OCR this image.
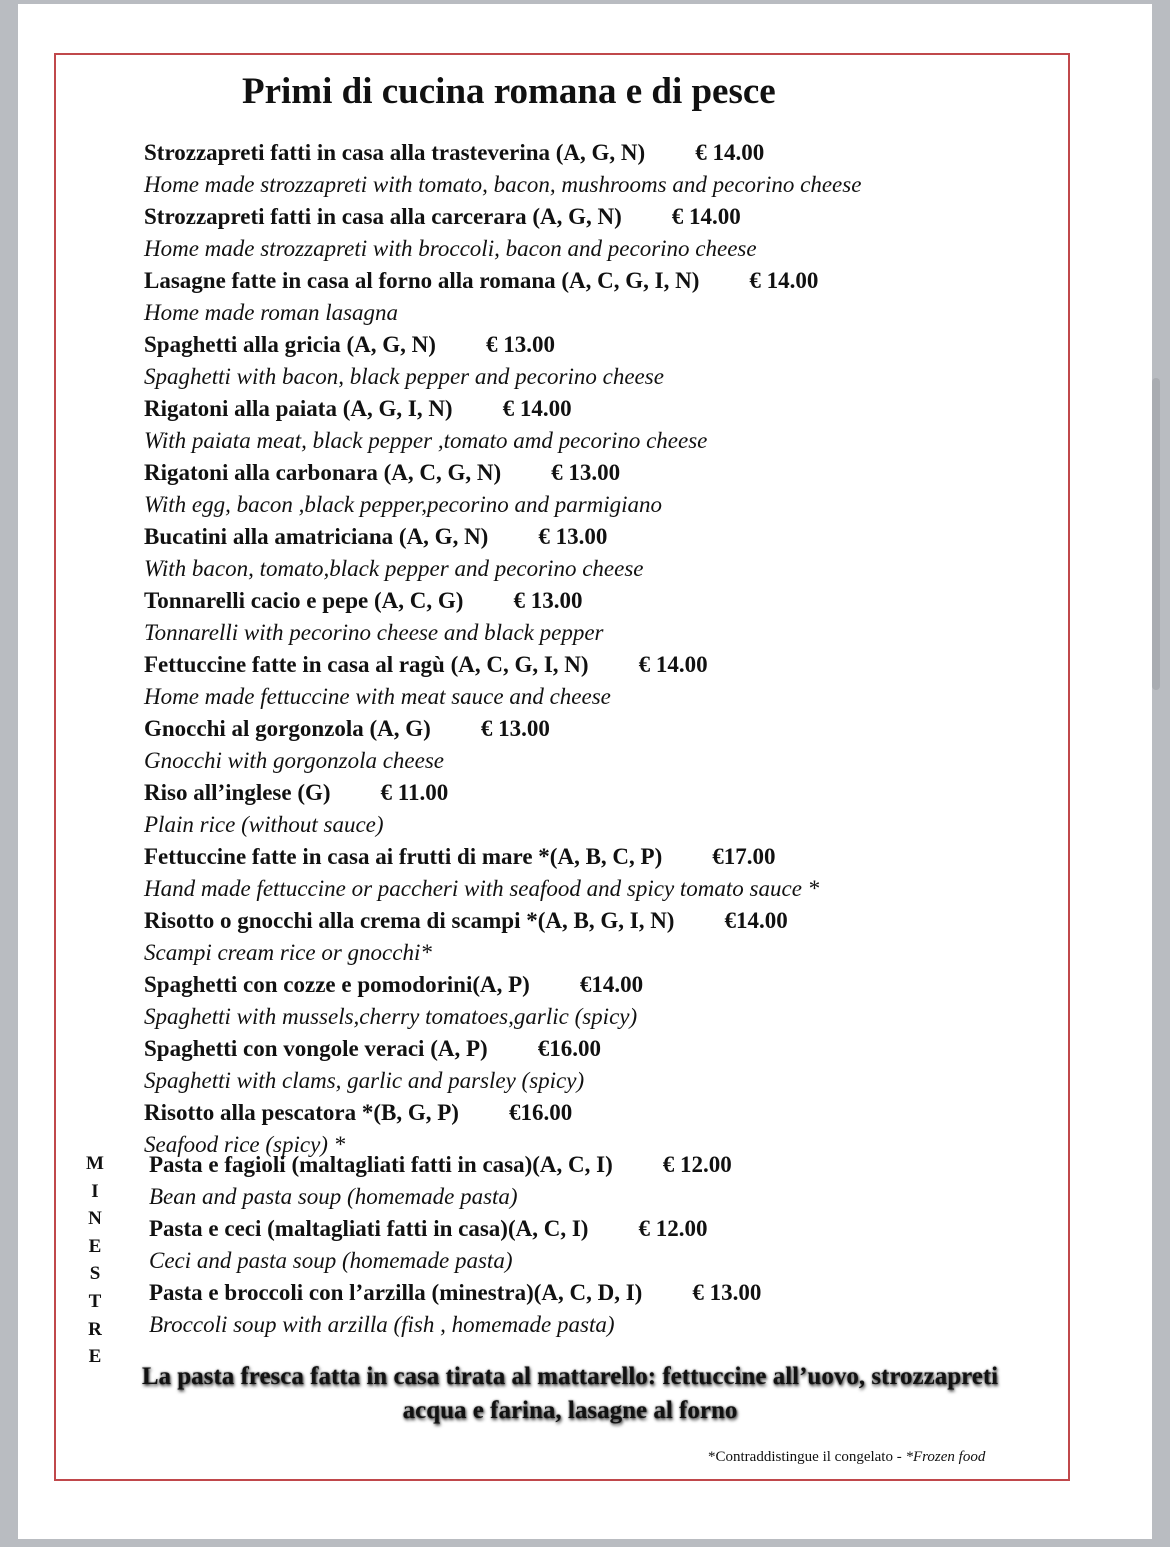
Primi di cucina romana e di pesce
Strozzapreti fatti in casa alla trasteverina (A, G, N) € 14.00
Home made strozzapreti with tomato, bacon, mushrooms and pecorino cheese
Strozzapreti fatti in casa alla carcerara (A, G, N) € 14.00
Home made strozzapreti with broccoli, bacon and pecorino cheese
Lasagne fatte in casa al forno alla romana (A, C, G, I, N) € 14.00
Home made roman lasagna
Spaghetti alla gricia (A, G, N) € 13.00
Spaghetti with bacon, black pepper and pecorino cheese
Rigatoni alla paiata (A, G, I, N) € 14.00
With paiata meat, black pepper ,tomato amd pecorino cheese
Rigatoni alla carbonara (A, C, G, N) € 13.00
With egg, bacon ,black pepper,pecorino and parmigiano
Bucatini alla amatriciana (A, G, N) € 13.00
With bacon, tomato,black pepper and pecorino cheese
Tonnarelli cacio e pepe (A, C, G) € 13.00
Tonnarelli with pecorino cheese and black pepper
Fettuccine fatte in casa al ragù (A, C, G, I, N) € 14.00
Home made fettuccine with meat sauce and cheese
Gnocchi al gorgonzola (A, G) € 13.00
Gnocchi with gorgonzola cheese
Riso all’inglese (G) € 11.00
Plain rice (without sauce)
Fettuccine fatte in casa ai frutti di mare *(A, B, C, P) €17.00
Hand made fettuccine or paccheri with seafood and spicy tomato sauce *
Risotto o gnocchi alla crema di scampi *(A, B, G, I, N) €14.00
Scampi cream rice or gnocchi*
Spaghetti con cozze e pomodorini(A, P) €14.00
Spaghetti with mussels,cherry tomatoes,garlic (spicy)
Spaghetti con vongole veraci (A, P) €16.00
Spaghetti with clams, garlic and parsley (spicy)
Risotto alla pescatora *(B, G, P) €16.00
Seafood rice (spicy) *
M
I
N
E
S
T
R
E
Pasta e fagioli (maltagliati fatti in casa)(A, C, I) € 12.00
Bean and pasta soup (homemade pasta)
Pasta e ceci (maltagliati fatti in casa)(A, C, I) € 12.00
Ceci and pasta soup (homemade pasta)
Pasta e broccoli con l’arzilla (minestra)(A, C, D, I) € 13.00
Broccoli soup with arzilla (fish , homemade pasta)
La pasta fresca fatta in casa tirata al mattarello: fettuccine all’uovo, strozzapreti
acqua e farina, lasagne al forno
*Contraddistingue il congelato - *Frozen food
